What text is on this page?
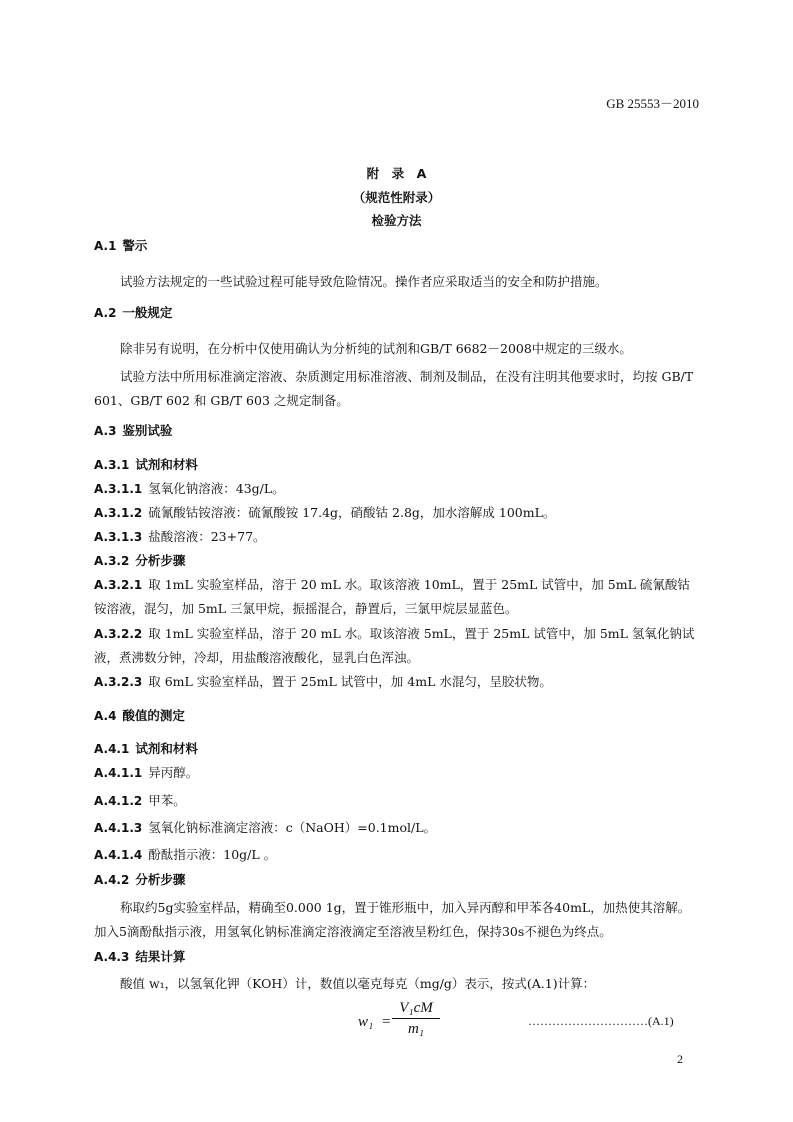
GB 25553－2010
附　录　A
（规范性附录）
检验方法
A.1 警示
试验方法规定的一些试验过程可能导致危险情况。操作者应采取适当的安全和防护措施。
A.2 一般规定
除非另有说明，在分析中仅使用确认为分析纯的试剂和GB/T 6682－2008中规定的三级水。
试验方法中所用标准滴定溶液、杂质测定用标准溶液、制剂及制品，在没有注明其他要求时，均按 GB/T 601、GB/T 602 和 GB/T 603 之规定制备。
A.3 鉴别试验
A.3.1 试剂和材料
A.3.1.1 氢氧化钠溶液：43g/L。
A.3.1.2 硫氰酸钴铵溶液：硫氰酸铵 17.4g，硝酸钴 2.8g，加水溶解成 100mL。
A.3.1.3 盐酸溶液：23+77。
A.3.2 分析步骤
A.3.2.1 取 1mL 实验室样品，溶于 20 mL 水。取该溶液 10mL，置于 25mL 试管中，加 5mL 硫氰酸钴铵溶液，混匀，加 5mL 三氯甲烷，振摇混合，静置后，三氯甲烷层显蓝色。
A.3.2.2 取 1mL 实验室样品，溶于 20 mL 水。取该溶液 5mL，置于 25mL 试管中，加 5mL 氢氧化钠试液，煮沸数分钟，冷却，用盐酸溶液酸化，显乳白色浑浊。
A.3.2.3 取 6mL 实验室样品，置于 25mL 试管中，加 4mL 水混匀，呈胶状物。
A.4 酸值的测定
A.4.1 试剂和材料
A.4.1.1 异丙醇。
A.4.1.2 甲苯。
A.4.1.3 氢氧化钠标准滴定溶液：c（NaOH）=0.1mol/L。
A.4.1.4 酚酞指示液：10g/L 。
A.4.2 分析步骤
称取约5g实验室样品，精确至0.000 1g，置于锥形瓶中，加入异丙醇和甲苯各40mL，加热使其溶解。加入5滴酚酞指示液，用氢氧化钠标准滴定溶液滴定至溶液呈粉红色，保持30s不褪色为终点。
A.4.3 结果计算
酸值 w₁，以氢氧化钾（KOH）计，数值以毫克每克（mg/g）表示，按式(A.1)计算：
$w_1 = \frac{\text{V₁cM}}{\text{m₁}}$	…………………………(A.1)
2
